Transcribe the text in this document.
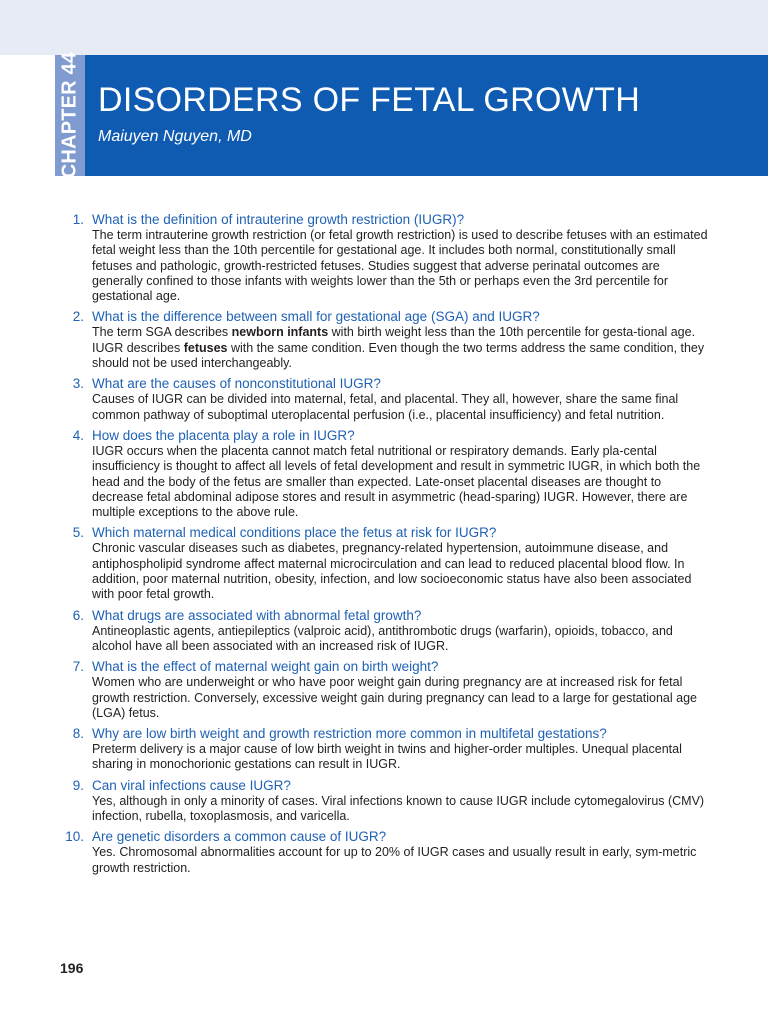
CHAPTER 44 DISORDERS OF FETAL GROWTH

Maiuyen Nguyen, MD

1. What is the definition of intrauterine growth restriction (IUGR)?

The term intrauterine growth restriction (or fetal growth restriction) is used to describe fetuses with an estimated fetal weight less than the 10th percentile for gestational age. It includes both normal, constitutionally small fetuses and pathologic, growth-restricted fetuses. Studies suggest that adverse perinatal outcomes are generally confined to those infants with weights lower than the 5th or perhaps even the 3rd percentile for gestational age.

2. What is the difference between small for gestational age (SGA) and IUGR?

The term SGA describes newborn infants with birth weight less than the 10th percentile for gesta-tional age. IUGR describes fetuses with the same condition. Even though the two terms address the same condition, they should not be used interchangeably.

3. What are the causes of nonconstitutional IUGR?

Causes of IUGR can be divided into maternal, fetal, and placental. They all, however, share the same final common pathway of suboptimal uteroplacental perfusion (i.e., placental insufficiency) and fetal nutrition.

4. How does the placenta play a role in IUGR?

IUGR occurs when the placenta cannot match fetal nutritional or respiratory demands. Early pla-cental insufficiency is thought to affect all levels of fetal development and result in symmetric IUGR, in which both the head and the body of the fetus are smaller than expected. Late-onset placental diseases are thought to decrease fetal abdominal adipose stores and result in asymmetric (head-sparing) IUGR. However, there are multiple exceptions to the above rule.

5. Which maternal medical conditions place the fetus at risk for IUGR?

Chronic vascular diseases such as diabetes, pregnancy-related hypertension, autoimmune disease, and antiphospholipid syndrome affect maternal microcirculation and can lead to reduced placental blood flow. In addition, poor maternal nutrition, obesity, infection, and low socioeconomic status have also been associated with poor fetal growth.

6. What drugs are associated with abnormal fetal growth?

Antineoplastic agents, antiepileptics (valproic acid), antithrombotic drugs (warfarin), opioids, tobacco, and alcohol have all been associated with an increased risk of IUGR.

7. What is the effect of maternal weight gain on birth weight?

Women who are underweight or who have poor weight gain during pregnancy are at increased risk for fetal growth restriction. Conversely, excessive weight gain during pregnancy can lead to a large for gestational age (LGA) fetus.

8. Why are low birth weight and growth restriction more common in multifetal gestations?

Preterm delivery is a major cause of low birth weight in twins and higher-order multiples. Unequal placental sharing in monochorionic gestations can result in IUGR.

9. Can viral infections cause IUGR?

Yes, although in only a minority of cases. Viral infections known to cause IUGR include cytomegalovirus (CMV) infection, rubella, toxoplasmosis, and varicella.

10. Are genetic disorders a common cause of IUGR?

Yes. Chromosomal abnormalities account for up to 20% of IUGR cases and usually result in early, sym-metric growth restriction.

196
